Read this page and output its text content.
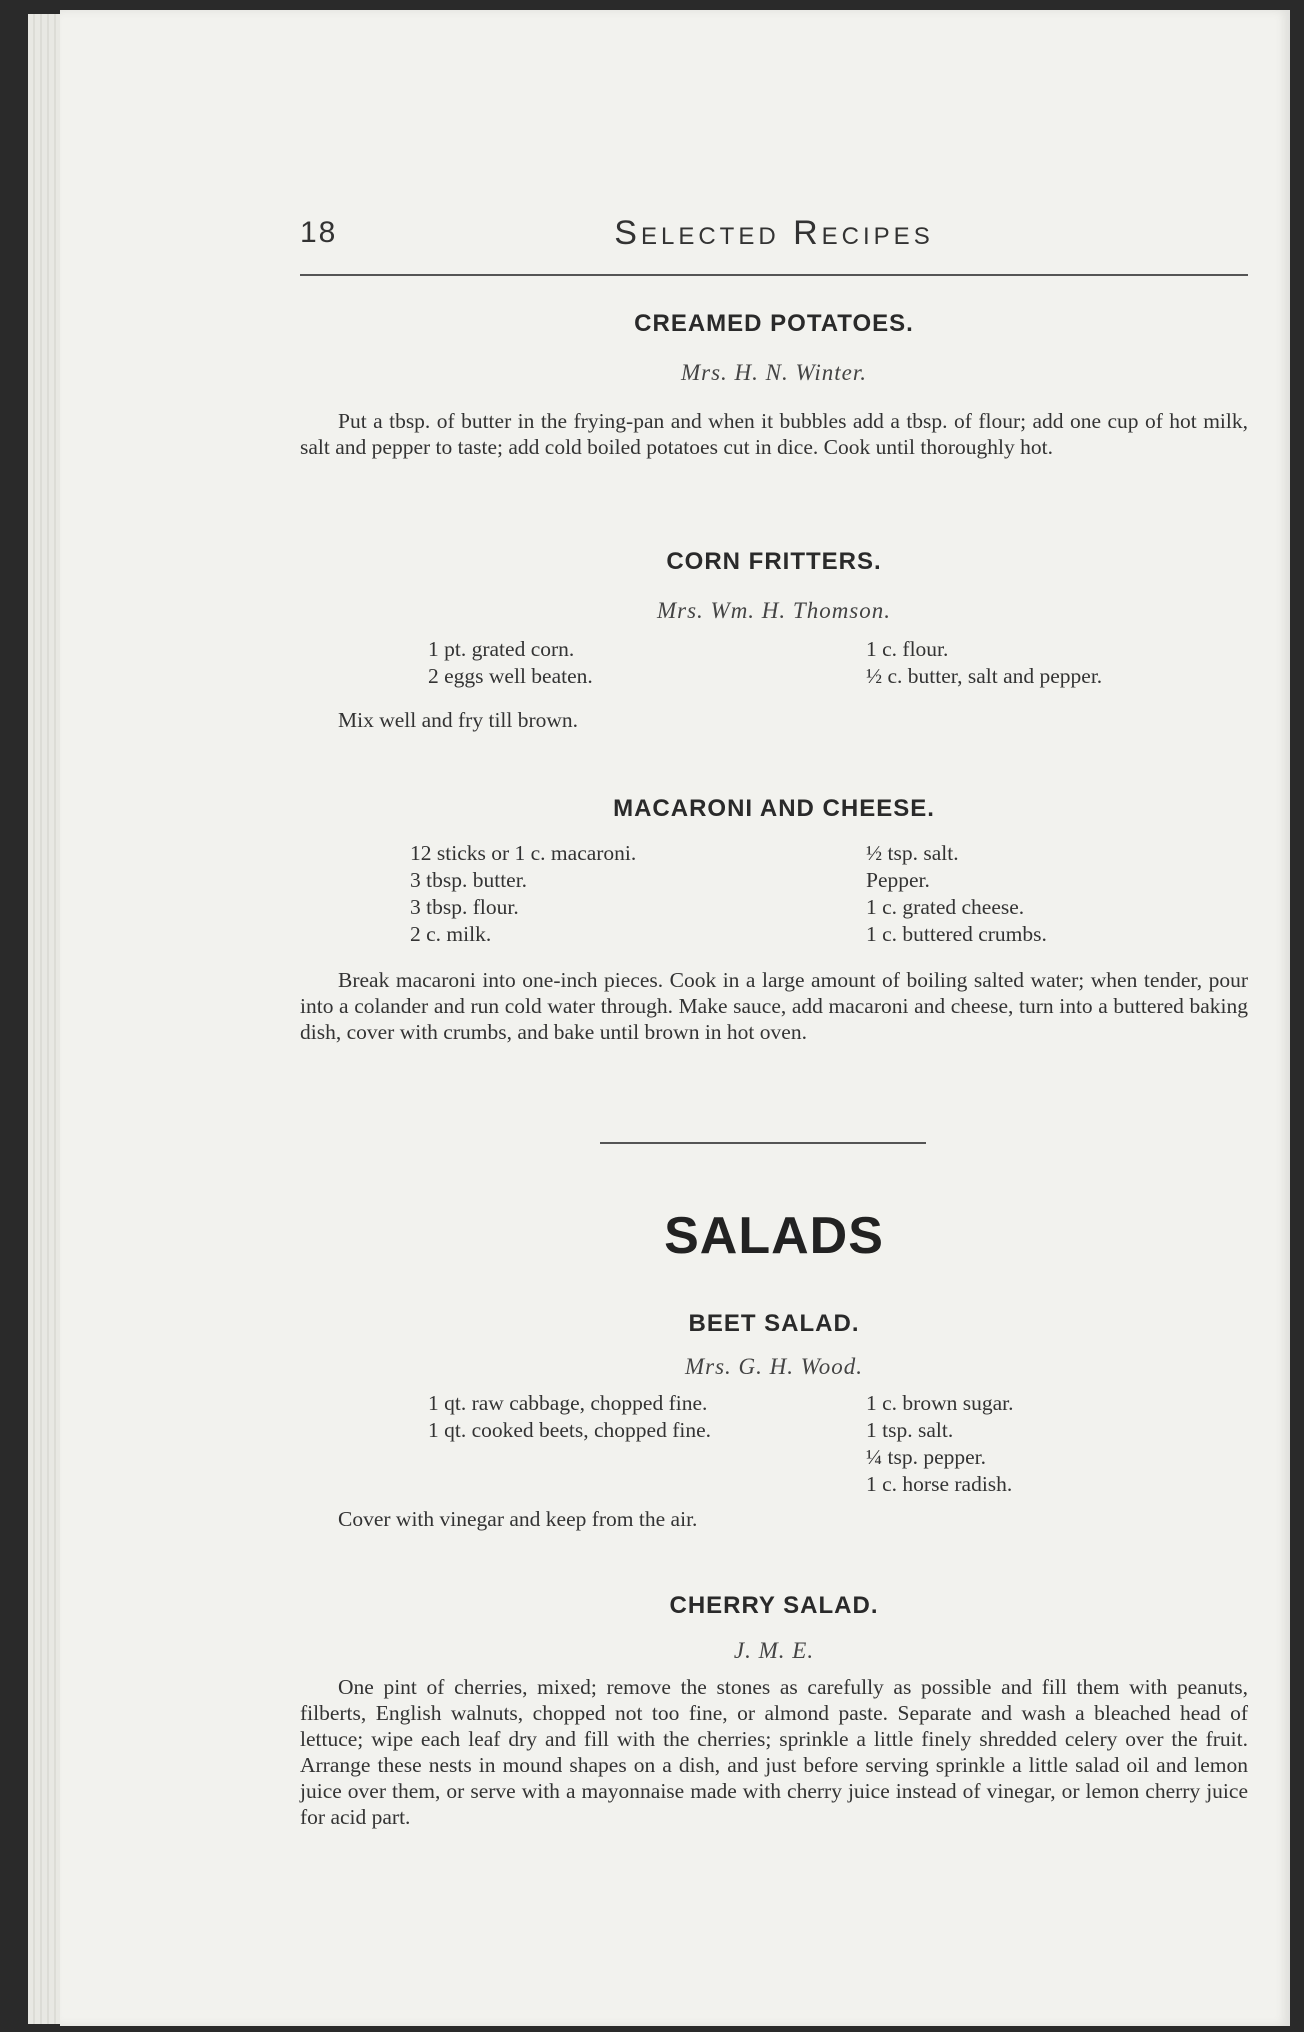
18	Selected Recipes
CREAMED POTATOES.
Mrs. H. N. Winter.

Put a tbsp. of butter in the frying-pan and when it bubbles add a tbsp. of flour; add one cup of hot milk, salt and pepper to taste; add cold boiled potatoes cut in dice. Cook until thoroughly hot.

CORN FRITTERS.
Mrs. Wm. H. Thomson.
1 pt. grated corn.
2 eggs well beaten.
1 c. flour.
½ c. butter, salt and pepper.

Mix well and fry till brown.

MACARONI AND CHEESE.
12 sticks or 1 c. macaroni.
3 tbsp. butter.
3 tbsp. flour.
2 c. milk.
½ tsp. salt.
Pepper.
1 c. grated cheese.
1 c. buttered crumbs.

Break macaroni into one-inch pieces. Cook in a large amount of boiling salted water; when tender, pour into a colander and run cold water through. Make sauce, add macaroni and cheese, turn into a buttered baking dish, cover with crumbs, and bake until brown in hot oven.

SALADS
BEET SALAD.
Mrs. G. H. Wood.
1 qt. raw cabbage, chopped fine.
1 qt. cooked beets, chopped fine.
1 c. brown sugar.
1 tsp. salt.
¼ tsp. pepper.
1 c. horse radish.

Cover with vinegar and keep from the air.

CHERRY SALAD.
J. M. E.

One pint of cherries, mixed; remove the stones as carefully as possible and fill them with peanuts, filberts, English walnuts, chopped not too fine, or almond paste. Separate and wash a bleached head of lettuce; wipe each leaf dry and fill with the cherries; sprinkle a little finely shredded celery over the fruit. Arrange these nests in mound shapes on a dish, and just before serving sprinkle a little salad oil and lemon juice over them, or serve with a mayonnaise made with cherry juice instead of vinegar, or lemon cherry juice for acid part.
